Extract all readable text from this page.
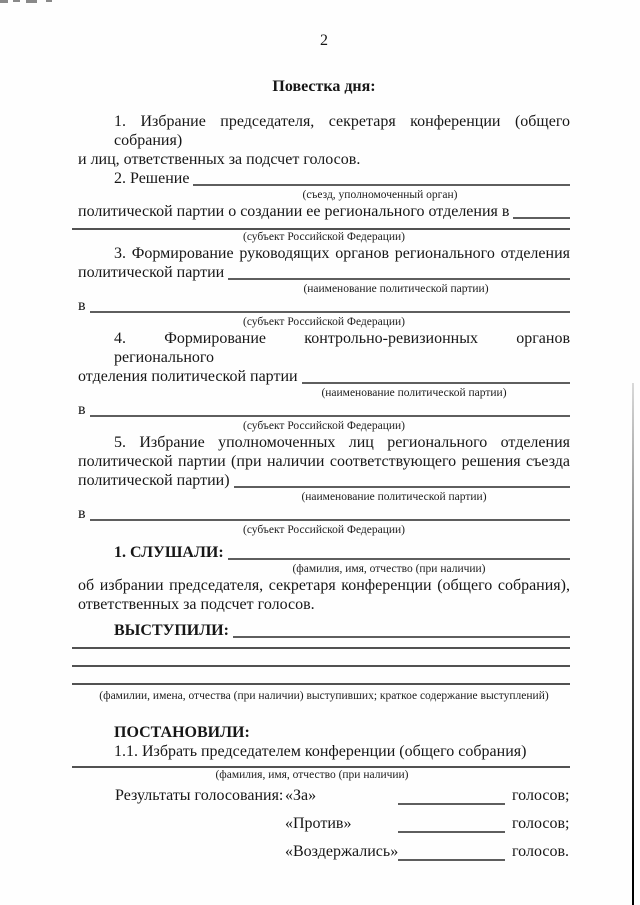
2
Повестка дня:
1. Избрание председателя, секретаря конференции (общего собрания)
и лиц, ответственных за подсчет голосов.
2. Решение
(съезд, уполномоченный орган)
политической партии о создании ее регионального отделения в
(субъект Российской Федерации)
3. Формирование руководящих органов регионального отделения
политической партии
(наименование политической партии)
в
(субъект Российской Федерации)
4. Формирование контрольно-ревизионных органов регионального
отделения политической партии
(наименование политической партии)
в
(субъект Российской Федерации)
5. Избрание уполномоченных лиц регионального отделения
политической партии (при наличии соответствующего решения съезда
политической партии)
(наименование политической партии)
в
(субъект Российской Федерации)
1. СЛУШАЛИ:
(фамилия, имя, отчество (при наличии)
об избрании председателя, секретаря конференции (общего собрания),
ответственных за подсчет голосов.
ВЫСТУПИЛИ:
(фамилии, имена, отчества (при наличии) выступивших; краткое содержание выступлений)
ПОСТАНОВИЛИ:
1.1. Избрать председателем конференции (общего собрания)
(фамилия, имя, отчество (при наличии)
Результаты голосования: «За»	голосов;
«Против»	голосов;
«Воздержались»	голосов.
